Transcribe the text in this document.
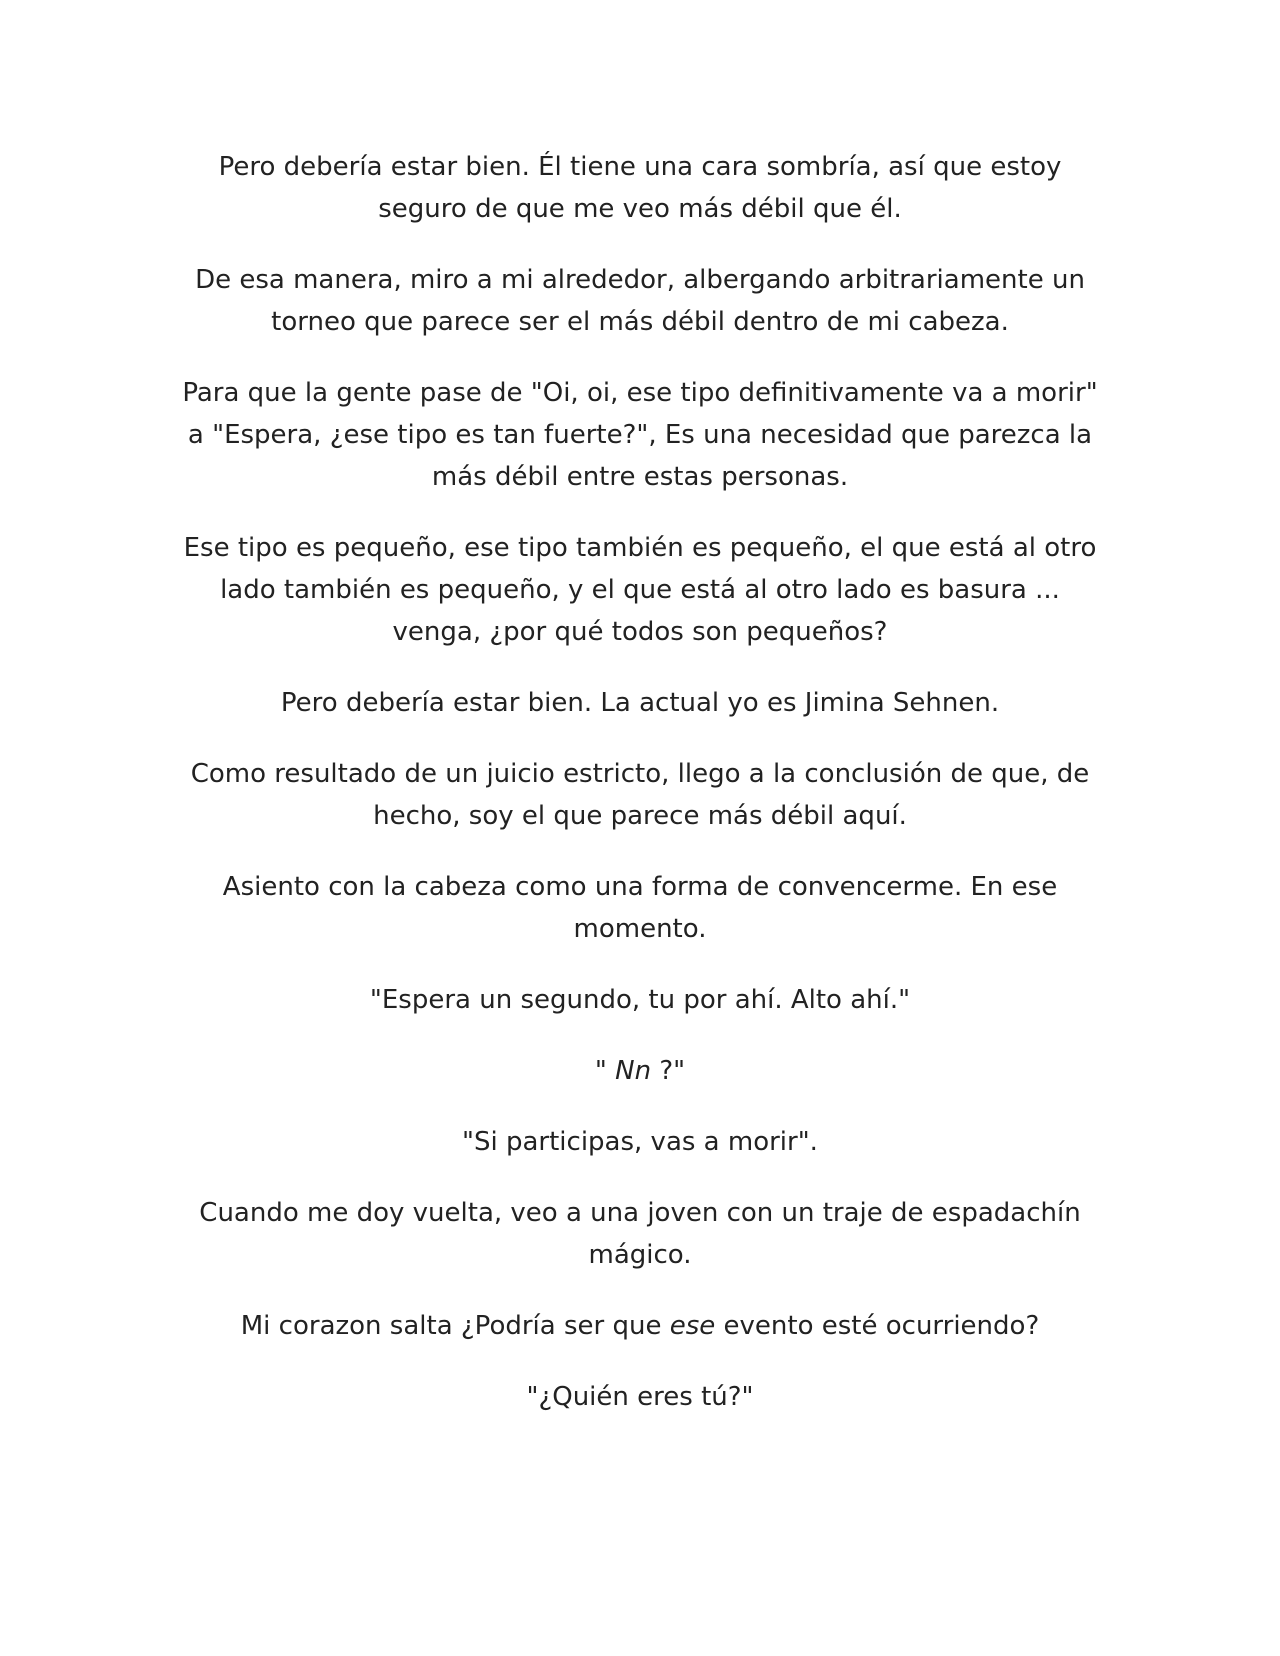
Pero debería estar bien. Él tiene una cara sombría, así que estoy seguro de que me veo más débil que él.

De esa manera, miro a mi alrededor, albergando arbitrariamente un torneo que parece ser el más débil dentro de mi cabeza.

Para que la gente pase de "Oi, oi, ese tipo definitivamente va a morir" a "Espera, ¿ese tipo es tan fuerte?", Es una necesidad que parezca la más débil entre estas personas.

Ese tipo es pequeño, ese tipo también es pequeño, el que está al otro lado también es pequeño, y el que está al otro lado es basura ... venga, ¿por qué todos son pequeños?

Pero debería estar bien. La actual yo es Jimina Sehnen.

Como resultado de un juicio estricto, llego a la conclusión de que, de hecho, soy el que parece más débil aquí.

Asiento con la cabeza como una forma de convencerme. En ese momento.

"Espera un segundo, tu por ahí. Alto ahí."

" Nn ?"

"Si participas, vas a morir".

Cuando me doy vuelta, veo a una joven con un traje de espadachín mágico.

Mi corazon salta ¿Podría ser que ese evento esté ocurriendo?

"¿Quién eres tú?"
